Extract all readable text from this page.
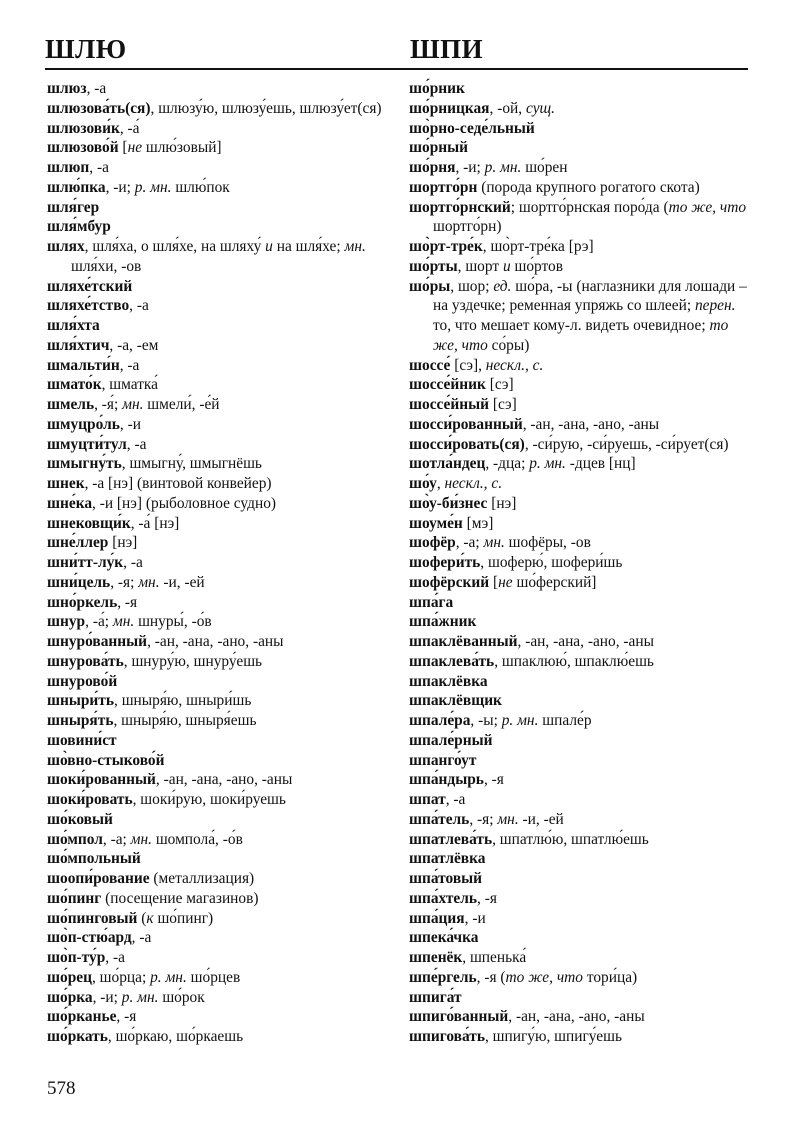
ШЛЮ	ШПИ
шлюз, -а
шлюзова́ть(ся), шлюзу́ю, шлюзу́ешь, шлюзу́ет(ся)
шлюзови́к, -а́
шлюзово́й [не шлю́зовый]
шлюп, -а
шлю́пка, -и; р. мн. шлю́пок
шля́гер
шля́мбур
шлях, шля́ха, о шля́хе, на шляху́ и на шля́хе; мн. шля́хи, -ов
шляхе́тский
шляхе́тство, -а
шля́хта
шля́хтич, -а, -ем
шмальти́н, -а
шмато́к, шматка́
шмель, -я́; мн. шмели́, -е́й
шмуцро́ль, -и
шмуцти́тул, -а
шмыгну́ть, шмыгну́, шмыгнёшь
шнек, -а [нэ] (винтовой конвейер)
шне́ка, -и [нэ] (рыболовное судно)
шнековщи́к, -а́ [нэ]
шне́ллер [нэ]
шни́тт-лу́к, -а
шни́цель, -я; мн. -и, -ей
шно́ркель, -я
шнур, -а́; мн. шнуры́, -о́в
шнуро́ванный, -ан, -ана, -ано, -аны
шнурова́ть, шнуру́ю, шнуру́ешь
шнурово́й
шныри́ть, шныря́ю, шныри́шь
шныря́ть, шныря́ю, шныря́ешь
шовини́ст
шо̀вно-стыково́й
шоки́рованный, -ан, -ана, -ано, -аны
шоки́ровать, шоки́рую, шоки́руешь
шо́ковый
шо́мпол, -а; мн. шомпола́, -о́в
шо́мпольный
шоопи́рование (металлизация)
шо́пинг (посещение магазинов)
шо́пинговый (к шо́пинг)
шо̀п-стю́ард, -а
шо̀п-ту́р, -а
шо́рец, шо́рца; р. мн. шо́рцев
шо́рка, -и; р. мн. шо́рок
шо́рканье, -я
шо́ркать, шо́ркаю, шо́ркаешь
шо́рник
шо́рницкая, -ой, сущ.
шо̀рно-седе́льный
шо́рный
шо́рня, -и; р. мн. шо́рен
шортго́рн (порода крупного рогатого скота)
шортго́рнский; шортго́рнская поро́да (то же, что шортго́рн)
шо̀рт-тре́к, шо̀рт-тре́ка [рэ]
шо́рты, шорт и шо́ртов
шо́ры, шор; ед. шо́ра, -ы (наглазники для лошади – на уздечке; ременная упряжь со шлеей; перен. то, что мешает кому-л. видеть очевидное; то же, что со́ры)
шоссе́ [сэ], нескл., с.
шоссе́йник [сэ]
шоссе́йный [сэ]
шосси́рованный, -ан, -ана, -ано, -аны
шосси́ровать(ся), -си́рую, -си́руешь, -си́рует(ся)
шотла́ндец, -дца; р. мн. -дцев [нц]
шо́у, нескл., с.
шо̀у-би́знес [нэ]
шоуме́н [мэ]
шофёр, -а; мн. шофёры, -ов
шофери́ть, шоферю́, шофери́шь
шофёрский [не шо́ферский]
шпа́га
шпа́жник
шпаклёванный, -ан, -ана, -ано, -аны
шпаклева́ть, шпаклюю́, шпаклю́ешь
шпаклёвка
шпаклёвщик
шпале́ра, -ы; р. мн. шпале́р
шпале́рный
шпанго́ут
шпа́ндырь, -я
шпат, -а
шпа́тель, -я; мн. -и, -ей
шпатлева́ть, шпатлю́ю, шпатлю́ешь
шпатлёвка
шпа́товый
шпа́хтель, -я
шпа́ция, -и
шпека́чка
шпенёк, шпенька́
шпе́ргель, -я (то же, что тори́ца)
шпига́т
шпиго́ванный, -ан, -ана, -ано, -аны
шпигова́ть, шпигу́ю, шпигу́ешь
578
